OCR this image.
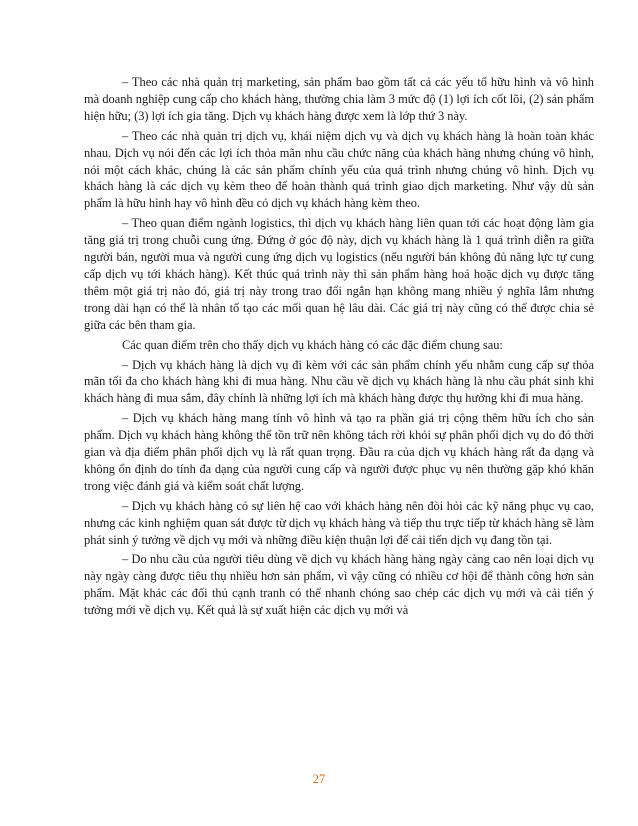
– Theo các nhà quản trị marketing, sản phẩm bao gồm tất cả các yếu tố hữu hình và vô hình mà doanh nghiệp cung cấp cho khách hàng, thường chia làm 3 mức độ (1) lợi ích cốt lõi, (2) sản phẩm hiện hữu; (3) lợi ích gia tăng. Dịch vụ khách hàng được xem là lớp thứ 3 này.

– Theo các nhà quản trị dịch vụ, khái niệm dịch vụ và dịch vụ khách hàng là hoàn toàn khác nhau. Dịch vụ nói đến các lợi ích thỏa mãn nhu cầu chức năng của khách hàng nhưng chúng vô hình, nói một cách khác, chúng là các sản phẩm chính yếu của quá trình nhưng chúng vô hình. Dịch vụ khách hàng là các dịch vụ kèm theo để hoàn thành quá trình giao dịch marketing. Như vậy dù sản phẩm là hữu hình hay vô hình đều có dịch vụ khách hàng kèm theo.

– Theo quan điểm ngành logistics, thì dịch vụ khách hàng liên quan tới các hoạt động làm gia tăng giá trị trong chuỗi cung ứng. Đứng ở góc độ này, dịch vụ khách hàng là 1 quá trình diễn ra giữa người bán, người mua và người cung ứng dịch vụ logistics (nếu người bán không đủ năng lực tự cung cấp dịch vụ tới khách hàng). Kết thúc quá trình này thì sản phẩm hàng hoá hoặc dịch vụ được tăng thêm một giá trị nào đó, giá trị này trong trao đổi ngắn hạn không mang nhiều ý nghĩa lắm nhưng trong dài hạn có thể là nhân tố tạo các mối quan hệ lâu dài. Các giá trị này cũng có thể được chia sẻ giữa các bên tham gia.

Các quan điểm trên cho thấy dịch vụ khách hàng có các đặc điểm chung sau:

– Dịch vụ khách hàng là dịch vụ đi kèm với các sản phẩm chính yếu nhằm cung cấp sự thỏa mãn tối đa cho khách hàng khi đi mua hàng. Nhu cầu về dịch vụ khách hàng là nhu cầu phát sinh khi khách hàng đi mua sắm, đây chính là những lợi ích mà khách hàng được thụ hưởng khi đi mua hàng.

– Dịch vụ khách hàng mang tính vô hình và tạo ra phần giá trị cộng thêm hữu ích cho sản phẩm. Dịch vụ khách hàng không thể tồn trữ nên không tách rời khỏi sự phân phối dịch vụ do đó thời gian và địa điểm phân phối dịch vụ là rất quan trọng. Đầu ra của dịch vụ khách hàng rất đa dạng và không ổn định do tính đa dạng của người cung cấp và người được phục vụ nên thường gặp khó khăn trong việc đánh giá và kiểm soát chất lượng.

– Dịch vụ khách hàng có sự liên hệ cao với khách hàng nên đòi hỏi các kỹ năng phục vụ cao, nhưng các kinh nghiệm quan sát được từ dịch vụ khách hàng và tiếp thu trực tiếp từ khách hàng sẽ làm phát sinh ý tưởng về dịch vụ mới và những điều kiện thuận lợi để cải tiến dịch vụ đang tồn tại.

– Do nhu cầu của người tiêu dùng về dịch vụ khách hàng hàng ngày càng cao nên loại dịch vụ này ngày càng được tiêu thụ nhiều hơn sản phẩm, vì vậy cũng có nhiều cơ hội để thành công hơn sản phẩm. Mặt khác các đối thủ cạnh tranh có thể nhanh chóng sao chép các dịch vụ mới và cải tiến ý tưởng mới về dịch vụ. Kết quả là sự xuất hiện các dịch vụ mới và

27
